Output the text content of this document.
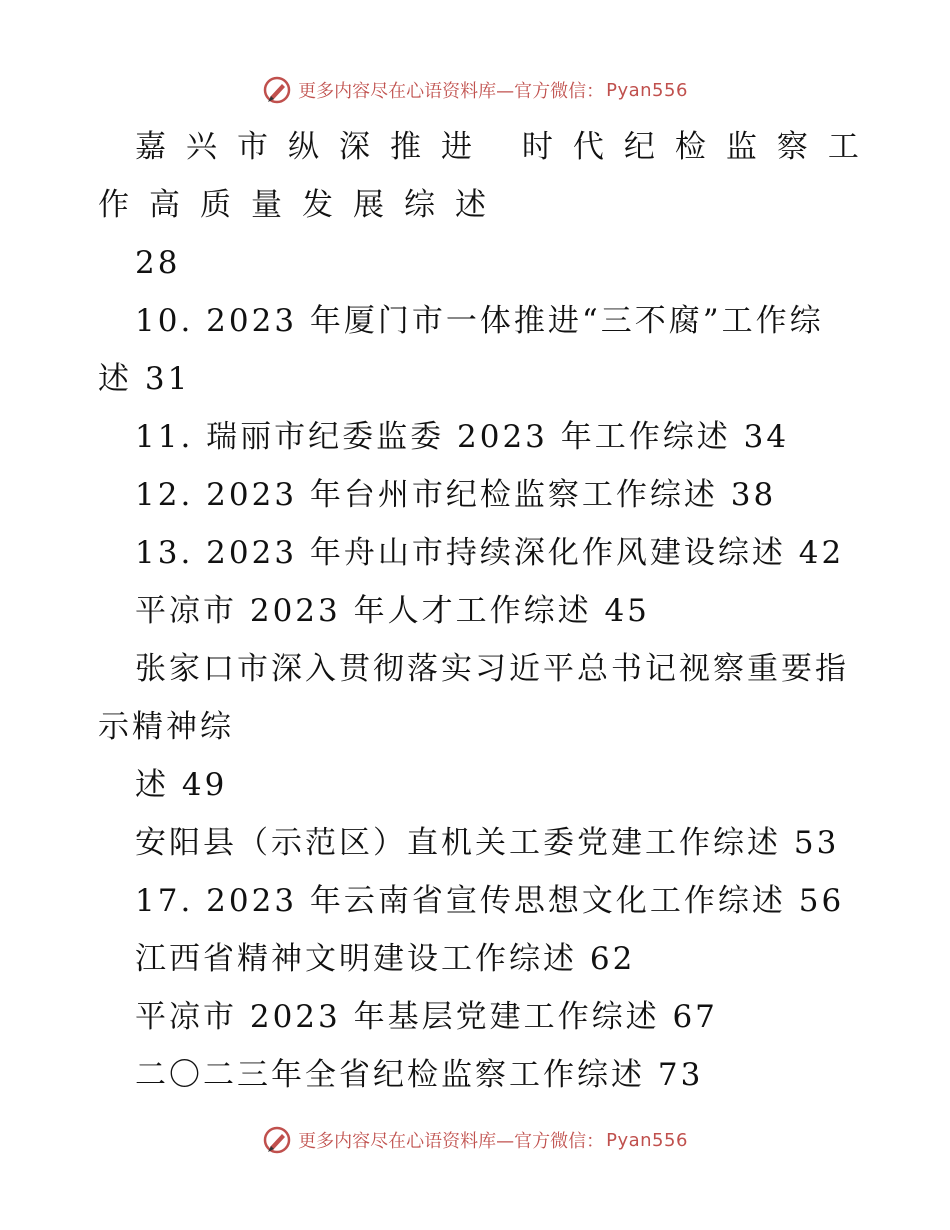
更多内容尽在心语资料库—官方微信： Pyan556
嘉兴市纵深推进 时代纪检监察工
作高质量发展综述
28
10. 2023 年厦门市一体推进“三不腐”工作综
述 31
11. 瑞丽市纪委监委 2023 年工作综述 34
12. 2023 年台州市纪检监察工作综述 38
13. 2023 年舟山市持续深化作风建设综述 42
平凉市 2023 年人才工作综述 45
张家口市深入贯彻落实习近平总书记视察重要指
示精神综
述 49
安阳县（示范区）直机关工委党建工作综述 53
17. 2023 年云南省宣传思想文化工作综述 56
江西省精神文明建设工作综述 62
平凉市 2023 年基层党建工作综述 67
二〇二三年全省纪检监察工作综述 73
更多内容尽在心语资料库—官方微信： Pyan556
